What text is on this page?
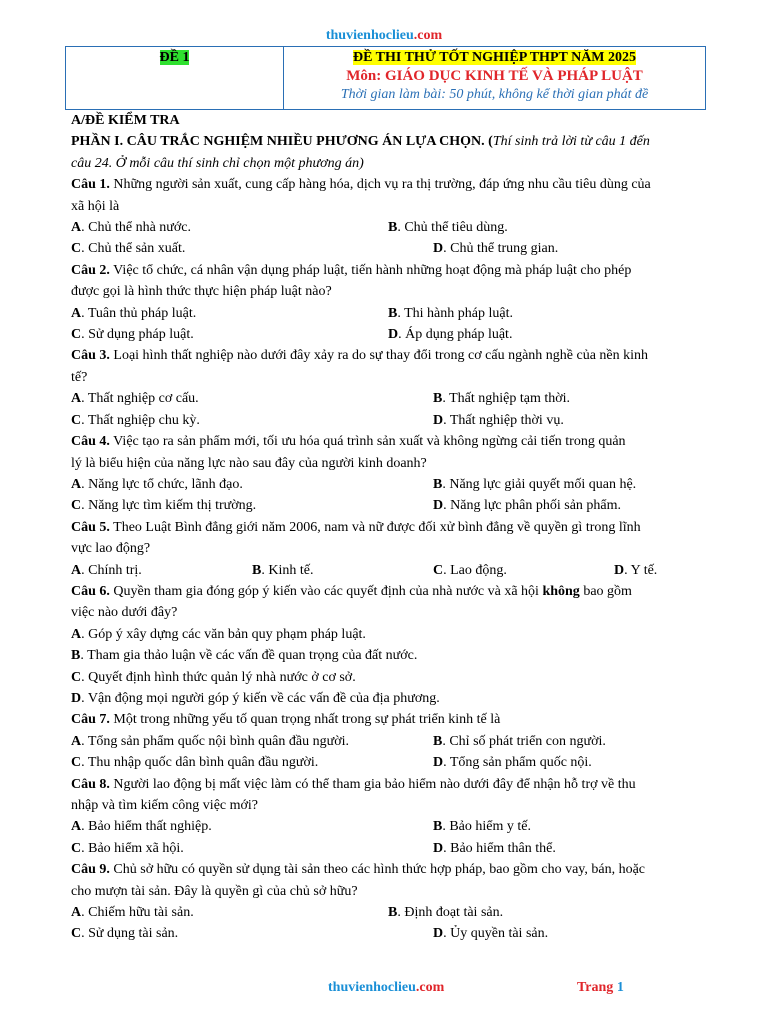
thuvienhoclieu.com
ĐỀ 1	ĐỀ THI THỬ TỐT NGHIỆP THPT NĂM 2025
Môn: GIÁO DỤC KINH TẾ VÀ PHÁP LUẬT
Thời gian làm bài: 50 phút, không kể thời gian phát đề
A/ĐỀ KIỂM TRA
PHẦN I. CÂU TRẮC NGHIỆM NHIỀU PHƯƠNG ÁN LỰA CHỌN. (Thí sinh trả lời từ câu 1 đến
câu 24. Ở mỗi câu thí sinh chỉ chọn một phương án)
Câu 1. Những người sản xuất, cung cấp hàng hóa, dịch vụ ra thị trường, đáp ứng nhu cầu tiêu dùng của
xã hội là
A. Chủ thể nhà nước.	B. Chủ thể tiêu dùng.
C. Chủ thể sản xuất.	D. Chủ thể trung gian.
Câu 2. Việc tổ chức, cá nhân vận dụng pháp luật, tiến hành những hoạt động mà pháp luật cho phép
được gọi là hình thức thực hiện pháp luật nào?
A. Tuân thủ pháp luật.	B. Thi hành pháp luật.
C. Sử dụng pháp luật.	D. Áp dụng pháp luật.
Câu 3. Loại hình thất nghiệp nào dưới đây xảy ra do sự thay đổi trong cơ cấu ngành nghề của nền kinh
tế?
A. Thất nghiệp cơ cấu.	B. Thất nghiệp tạm thời.
C. Thất nghiệp chu kỳ.	D. Thất nghiệp thời vụ.
Câu 4. Việc tạo ra sản phẩm mới, tối ưu hóa quá trình sản xuất và không ngừng cải tiến trong quản
lý là biểu hiện của năng lực nào sau đây của người kinh doanh?
A. Năng lực tổ chức, lãnh đạo.	B. Năng lực giải quyết mối quan hệ.
C. Năng lực tìm kiếm thị trường.	D. Năng lực phân phối sản phẩm.
Câu 5. Theo Luật Bình đẳng giới năm 2006, nam và nữ được đối xử bình đẳng về quyền gì trong lĩnh
vực lao động?
A. Chính trị.	B. Kinh tế.	C. Lao động.	D. Y tế.
Câu 6. Quyền tham gia đóng góp ý kiến vào các quyết định của nhà nước và xã hội không bao gồm
việc nào dưới đây?
A. Góp ý xây dựng các văn bản quy phạm pháp luật.
B. Tham gia thảo luận về các vấn đề quan trọng của đất nước.
C. Quyết định hình thức quản lý nhà nước ở cơ sở.
D. Vận động mọi người góp ý kiến về các vấn đề của địa phương.
Câu 7. Một trong những yếu tố quan trọng nhất trong sự phát triển kinh tế là
A. Tổng sản phẩm quốc nội bình quân đầu người.	B. Chỉ số phát triển con người.
C. Thu nhập quốc dân bình quân đầu người.	D. Tổng sản phẩm quốc nội.
Câu 8. Người lao động bị mất việc làm có thể tham gia bảo hiểm nào dưới đây để nhận hỗ trợ về thu
nhập và tìm kiếm công việc mới?
A. Bảo hiểm thất nghiệp.	B. Bảo hiểm y tế.
C. Bảo hiểm xã hội.	D. Bảo hiểm thân thể.
Câu 9. Chủ sở hữu có quyền sử dụng tài sản theo các hình thức hợp pháp, bao gồm cho vay, bán, hoặc
cho mượn tài sản. Đây là quyền gì của chủ sở hữu?
A. Chiếm hữu tài sản.	B. Định đoạt tài sản.
C. Sử dụng tài sản.	D. Ủy quyền tài sản.
thuvienhoclieu.com	Trang 1
